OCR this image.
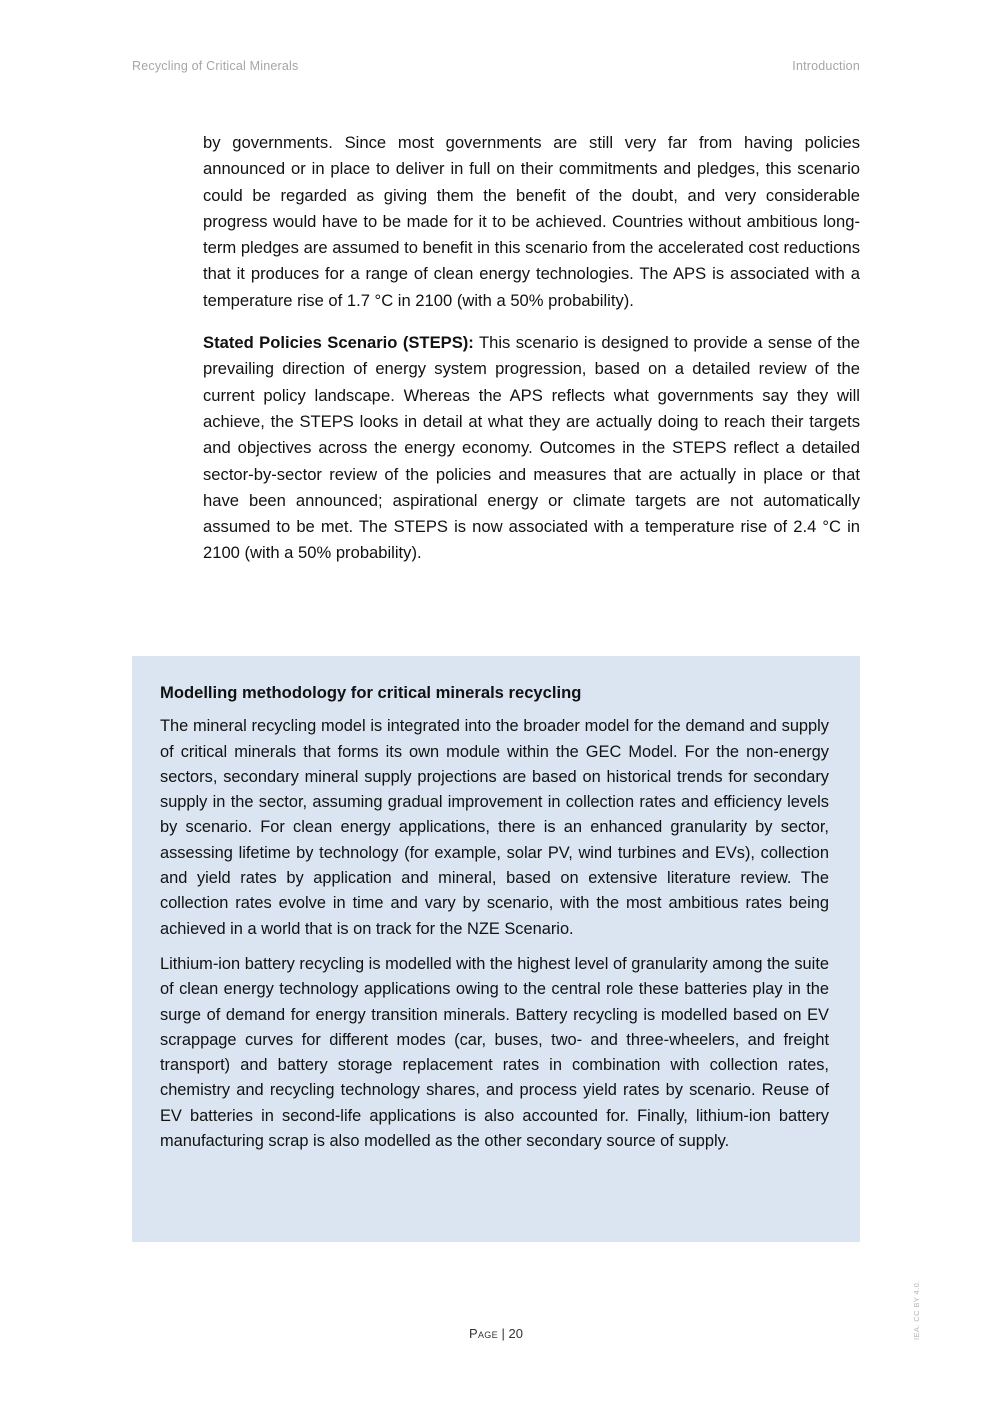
Recycling of Critical Minerals	Introduction

by governments. Since most governments are still very far from having policies announced or in place to deliver in full on their commitments and pledges, this scenario could be regarded as giving them the benefit of the doubt, and very considerable progress would have to be made for it to be achieved. Countries without ambitious long-term pledges are assumed to benefit in this scenario from the accelerated cost reductions that it produces for a range of clean energy technologies. The APS is associated with a temperature rise of 1.7 °C in 2100 (with a 50% probability).

Stated Policies Scenario (STEPS): This scenario is designed to provide a sense of the prevailing direction of energy system progression, based on a detailed review of the current policy landscape. Whereas the APS reflects what governments say they will achieve, the STEPS looks in detail at what they are actually doing to reach their targets and objectives across the energy economy. Outcomes in the STEPS reflect a detailed sector-by-sector review of the policies and measures that are actually in place or that have been announced; aspirational energy or climate targets are not automatically assumed to be met. The STEPS is now associated with a temperature rise of 2.4 °C in 2100 (with a 50% probability).

Modelling methodology for critical minerals recycling

The mineral recycling model is integrated into the broader model for the demand and supply of critical minerals that forms its own module within the GEC Model. For the non-energy sectors, secondary mineral supply projections are based on historical trends for secondary supply in the sector, assuming gradual improvement in collection rates and efficiency levels by scenario. For clean energy applications, there is an enhanced granularity by sector, assessing lifetime by technology (for example, solar PV, wind turbines and EVs), collection and yield rates by application and mineral, based on extensive literature review. The collection rates evolve in time and vary by scenario, with the most ambitious rates being achieved in a world that is on track for the NZE Scenario.

Lithium-ion battery recycling is modelled with the highest level of granularity among the suite of clean energy technology applications owing to the central role these batteries play in the surge of demand for energy transition minerals. Battery recycling is modelled based on EV scrappage curves for different modes (car, buses, two- and three-wheelers, and freight transport) and battery storage replacement rates in combination with collection rates, chemistry and recycling technology shares, and process yield rates by scenario. Reuse of EV batteries in second-life applications is also accounted for. Finally, lithium-ion battery manufacturing scrap is also modelled as the other secondary source of supply.

Page | 20	IEA. CC BY 4.0.
